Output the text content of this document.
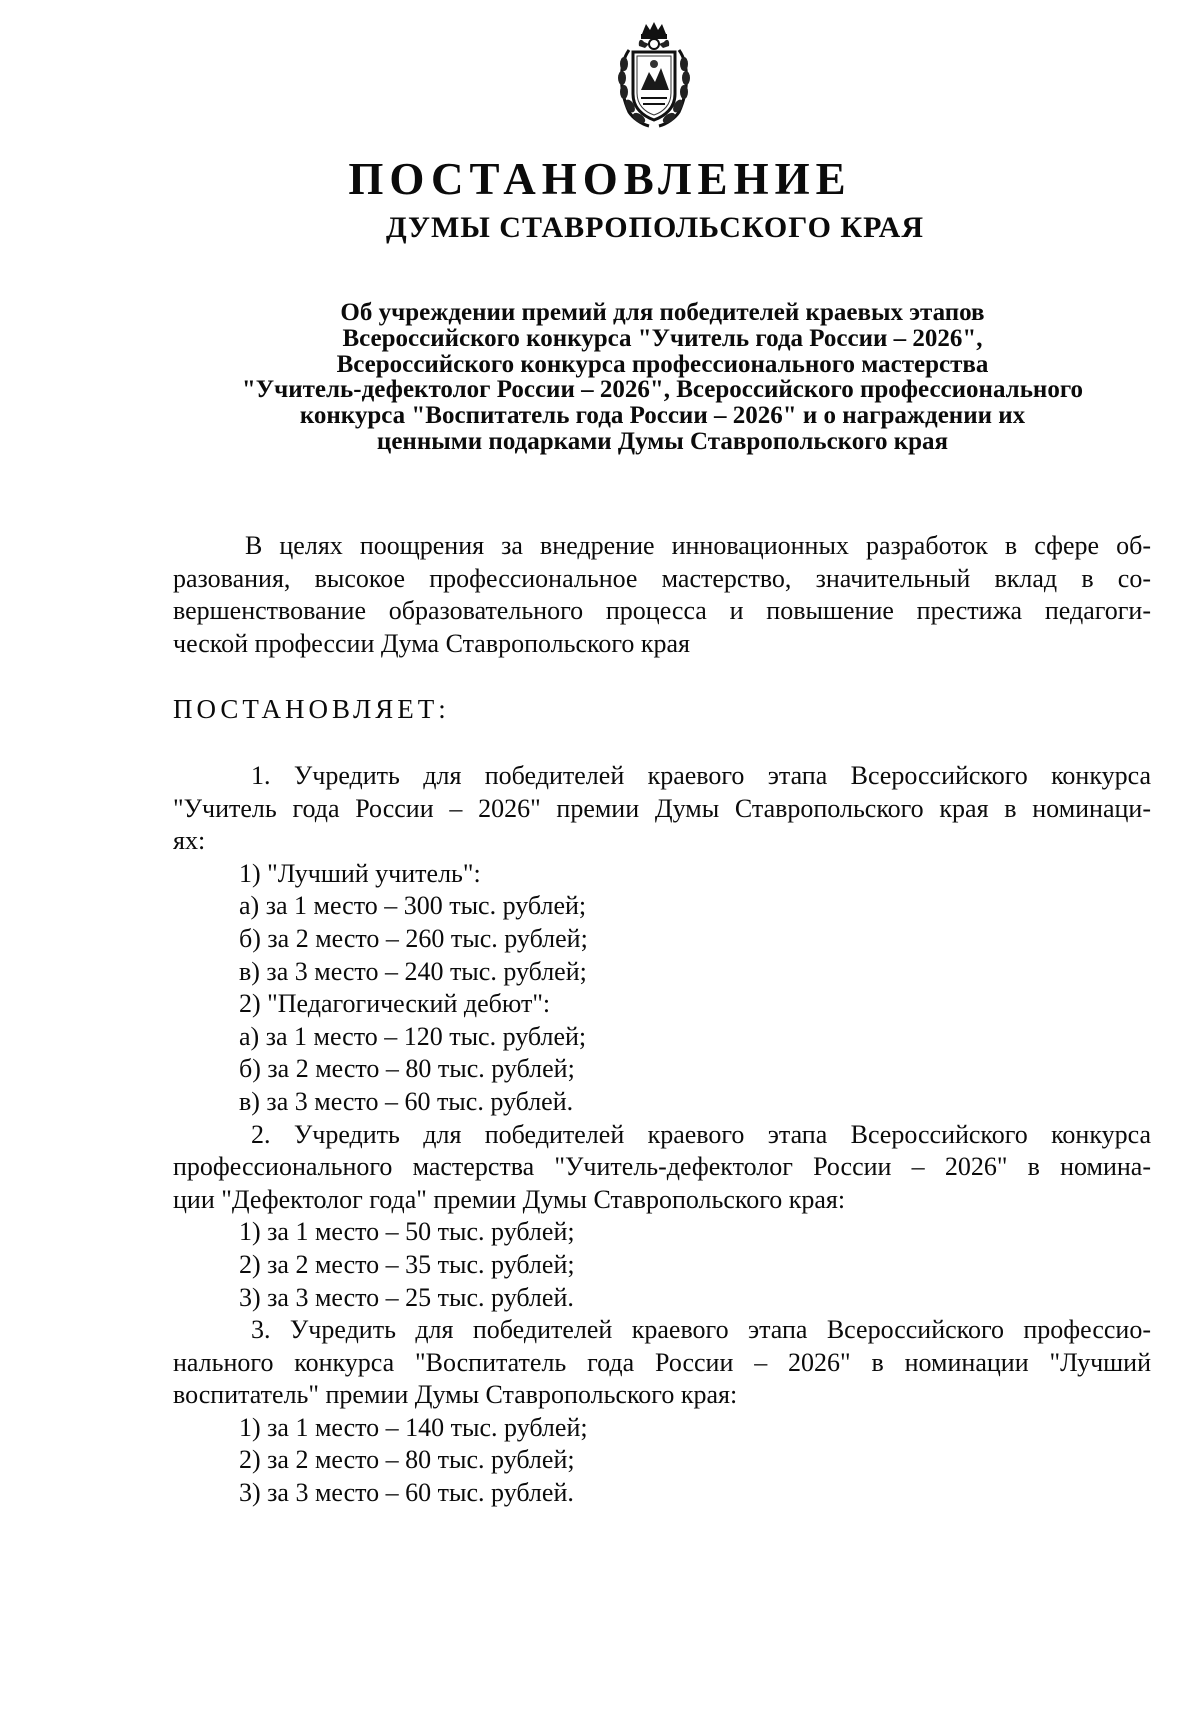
ПОСТАНОВЛЕНИЕ
ДУМЫ СТАВРОПОЛЬСКОГО КРАЯ
Об учреждении премий для победителей краевых этапов
Всероссийского конкурса "Учитель года России – 2026",
Всероссийского конкурса профессионального мастерства
"Учитель-дефектолог России – 2026", Всероссийского профессионального
конкурса "Воспитатель года России – 2026" и о награждении их
ценными подарками Думы Ставропольского края
В целях поощрения за внедрение инновационных разработок в сфере об-
разования, высокое профессиональное мастерство, значительный вклад в со-
вершенствование образовательного процесса и повышение престижа педагоги-
ческой профессии Дума Ставропольского края
ПОСТАНОВЛЯЕТ:
1. Учредить для победителей краевого этапа Всероссийского конкурса
"Учитель года России – 2026" премии Думы Ставропольского края в номинаци-
ях:
1) "Лучший учитель":
а) за 1 место – 300 тыс. рублей;
б) за 2 место – 260 тыс. рублей;
в) за 3 место – 240 тыс. рублей;
2) "Педагогический дебют":
а) за 1 место – 120 тыс. рублей;
б) за 2 место – 80 тыс. рублей;
в) за 3 место – 60 тыс. рублей.
2. Учредить для победителей краевого этапа Всероссийского конкурса
профессионального мастерства "Учитель-дефектолог России – 2026" в номина-
ции "Дефектолог года" премии Думы Ставропольского края:
1) за 1 место – 50 тыс. рублей;
2) за 2 место – 35 тыс. рублей;
3) за 3 место – 25 тыс. рублей.
3. Учредить для победителей краевого этапа Всероссийского профессио-
нального конкурса "Воспитатель года России – 2026" в номинации "Лучший
воспитатель" премии Думы Ставропольского края:
1) за 1 место – 140 тыс. рублей;
2) за 2 место – 80 тыс. рублей;
3) за 3 место – 60 тыс. рублей.
